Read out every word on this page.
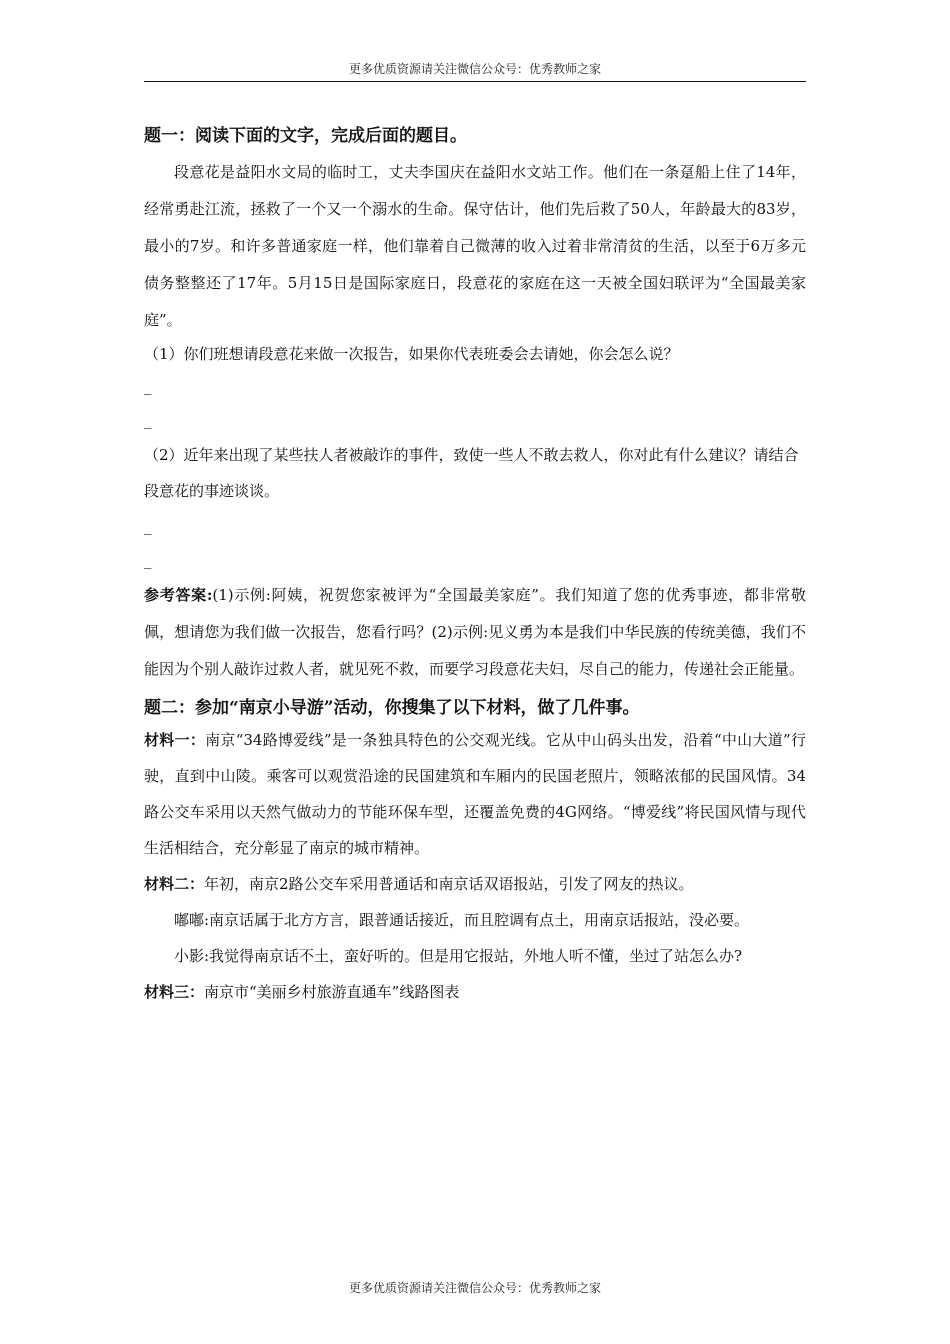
更多优质资源请关注微信公众号：优秀教师之家

题一：阅读下面的文字，完成后面的题目。

段意花是益阳水文局的临时工，丈夫李国庆在益阳水文站工作。他们在一条趸船上住了14年，经常勇赴江流，拯救了一个又一个溺水的生命。保守估计，他们先后救了50人，年龄最大的83岁，最小的7岁。和许多普通家庭一样，他们靠着自己微薄的收入过着非常清贫的生活，以至于6万多元债务整整还了17年。5月15日是国际家庭日，段意花的家庭在这一天被全国妇联评为“全国最美家庭”。

（1）你们班想请段意花来做一次报告，如果你代表班委会去请她，你会怎么说？

_
_

（2）近年来出现了某些扶人者被敲诈的事件，致使一些人不敢去救人，你对此有什么建议？请结合段意花的事迹谈谈。

_
_

参考答案:(1)示例:阿姨，祝贺您家被评为“全国最美家庭”。我们知道了您的优秀事迹，都非常敬佩，想请您为我们做一次报告，您看行吗？(2)示例:见义勇为本是我们中华民族的传统美德，我们不能因为个别人敲诈过救人者，就见死不救，而要学习段意花夫妇，尽自己的能力，传递社会正能量。

题二：参加“南京小导游”活动，你搜集了以下材料，做了几件事。

材料一：南京“34路博爱线”是一条独具特色的公交观光线。它从中山码头出发，沿着“中山大道”行驶，直到中山陵。乘客可以观赏沿途的民国建筑和车厢内的民国老照片，领略浓郁的民国风情。34路公交车采用以天然气做动力的节能环保车型，还覆盖免费的4G网络。“博爱线”将民国风情与现代生活相结合，充分彰显了南京的城市精神。

材料二：年初，南京2路公交车采用普通话和南京话双语报站，引发了网友的热议。

嘟嘟:南京话属于北方方言，跟普通话接近，而且腔调有点土，用南京话报站，没必要。

小影:我觉得南京话不土，蛮好听的。但是用它报站，外地人听不懂，坐过了站怎么办?

材料三：南京市“美丽乡村旅游直通车”线路图表

更多优质资源请关注微信公众号：优秀教师之家
